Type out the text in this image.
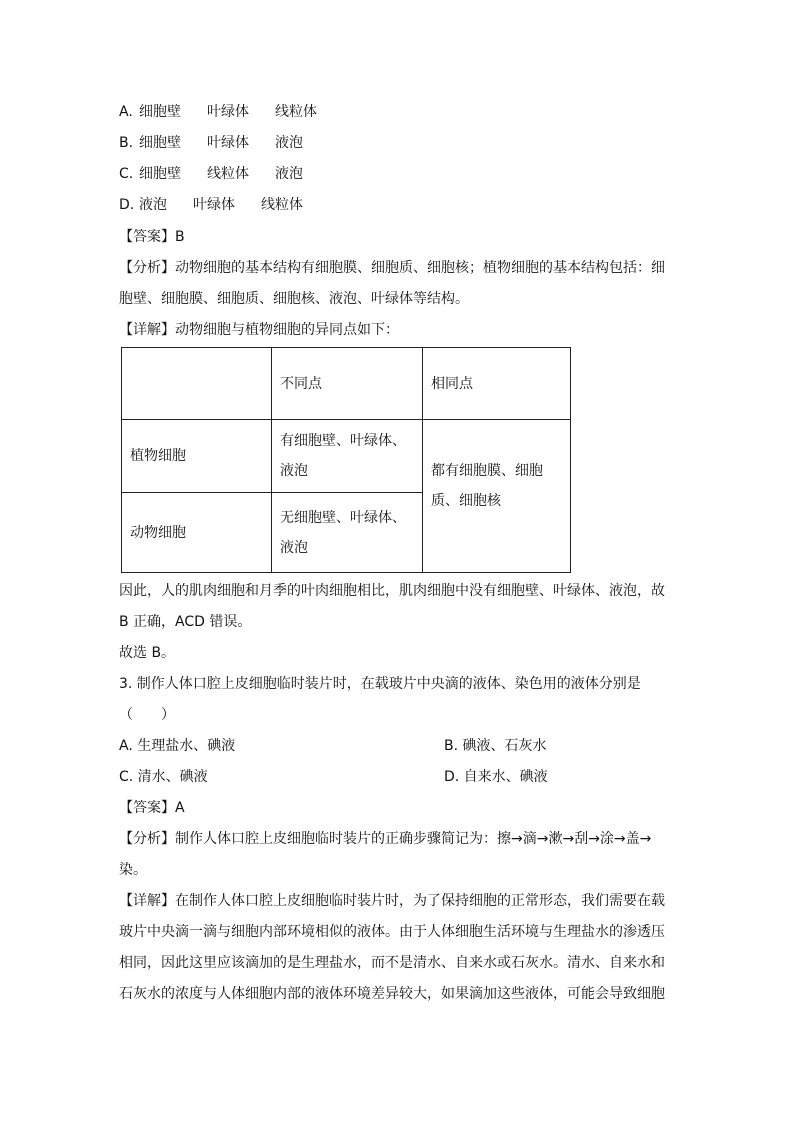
A. 细胞壁 叶绿体 线粒体
B. 细胞壁 叶绿体 液泡
C. 细胞壁 线粒体 液泡
D. 液泡 叶绿体 线粒体
【答案】B
【分析】动物细胞的基本结构有细胞膜、细胞质、细胞核；植物细胞的基本结构包括：细
胞壁、细胞膜、细胞质、细胞核、液泡、叶绿体等结构。
【详解】动物细胞与植物细胞的异同点如下：
	不同点	相同点
植物细胞	有细胞壁、叶绿体、液泡	都有细胞膜、细胞质、细胞核
动物细胞	无细胞壁、叶绿体、液泡	
因此，人的肌肉细胞和月季的叶肉细胞相比，肌肉细胞中没有细胞壁、叶绿体、液泡，故
B 正确，ACD 错误。
故选 B。
3. 制作人体口腔上皮细胞临时装片时，在载玻片中央滴的液体、染色用的液体分别是
（　　）
A. 生理盐水、碘液	B. 碘液、石灰水
C. 清水、碘液	D. 自来水、碘液
【答案】A
【分析】制作人体口腔上皮细胞临时装片的正确步骤简记为：擦→滴→漱→刮→涂→盖→
染。
【详解】在制作人体口腔上皮细胞临时装片时，为了保持细胞的正常形态，我们需要在载
玻片中央滴一滴与细胞内部环境相似的液体。由于人体细胞生活环境与生理盐水的渗透压
相同，因此这里应该滴加的是生理盐水，而不是清水、自来水或石灰水。清水、自来水和
石灰水的浓度与人体细胞内部的液体环境差异较大，如果滴加这些液体，可能会导致细胞
